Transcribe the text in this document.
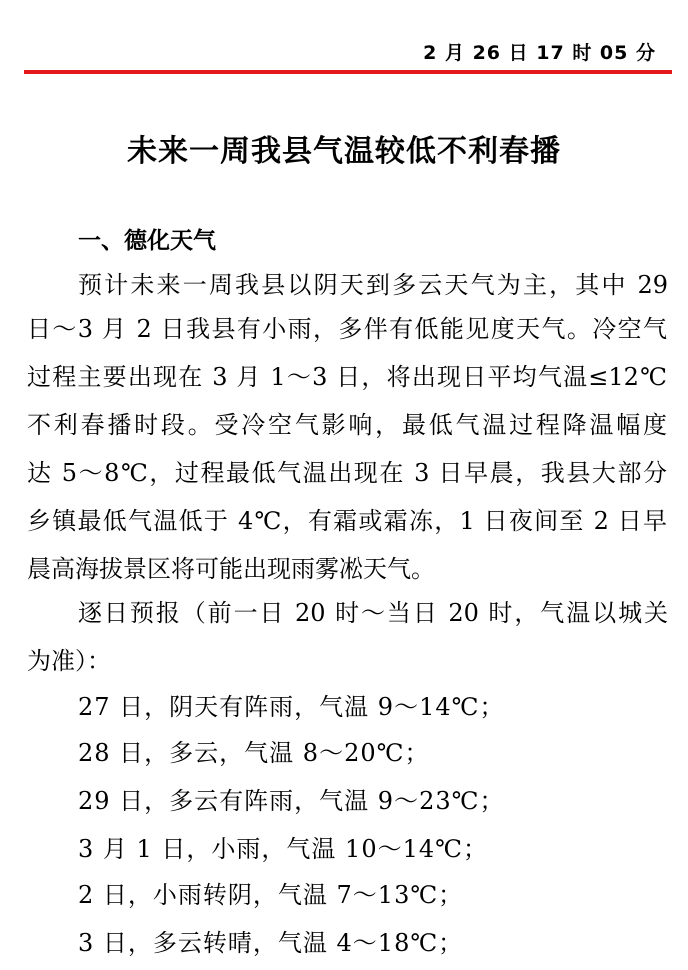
2 月 26 日 17 时 05 分
未来一周我县气温较低不利春播
一、德化天气
预计未来一周我县以阴天到多云天气为主，其中 29
日～3 月 2 日我县有小雨，多伴有低能见度天气。冷空气
过程主要出现在 3 月 1～3 日，将出现日平均气温≤12℃
不利春播时段。受冷空气影响，最低气温过程降温幅度
达 5～8℃，过程最低气温出现在 3 日早晨，我县大部分
乡镇最低气温低于 4℃，有霜或霜冻，1 日夜间至 2 日早
晨高海拔景区将可能出现雨雾凇天气。
逐日预报（前一日 20 时～当日 20 时，气温以城关
为准）：
27 日，阴天有阵雨，气温 9～14℃；
28 日，多云，气温 8～20℃；
29 日，多云有阵雨，气温 9～23℃；
3 月 1 日，小雨，气温 10～14℃；
2 日，小雨转阴，气温 7～13℃；
3 日，多云转晴，气温 4～18℃；
